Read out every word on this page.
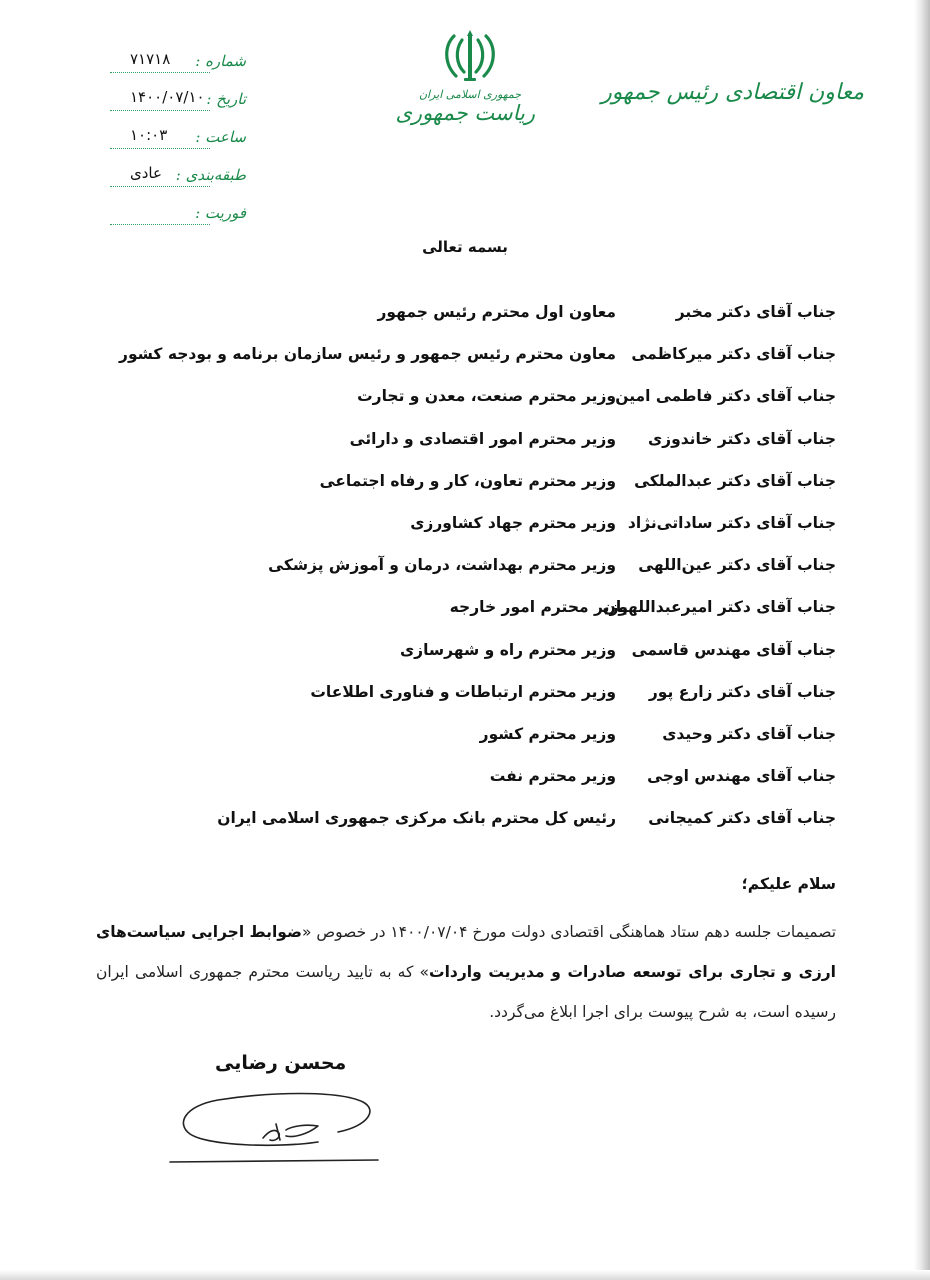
۷۱۷۱۸ شماره :
۱۴۰۰/۰۷/۱۰ تاریخ :
۱۰:۰۳ ساعت :
عادی طبقه‌بندی :
فوریت :
جمهوری اسلامی ایران
ریاست جمهوری
معاون اقتصادی رئیس جمهور
بسمه تعالی
جناب آقای دکتر مخبر
معاون اول محترم رئیس جمهور
جناب آقای دکتر میرکاظمی
معاون محترم رئیس جمهور و رئیس سازمان برنامه و بودجه کشور
جناب آقای دکتر فاطمی امین
وزیر محترم صنعت، معدن و تجارت
جناب آقای دکتر خاندوزی
وزیر محترم امور اقتصادی و دارائی
جناب آقای دکتر عبدالملکی
وزیر محترم تعاون، کار و رفاه اجتماعی
جناب آقای دکتر ساداتی‌نژاد
وزیر محترم جهاد کشاورزی
جناب آقای دکتر عین‌اللهی
وزیر محترم بهداشت، درمان و آموزش پزشکی
جناب آقای دکتر امیرعبداللهیان
وزیر محترم امور خارجه
جناب آقای مهندس قاسمی
وزیر محترم راه و شهرسازی
جناب آقای دکتر زارع پور
وزیر محترم ارتباطات و فناوری اطلاعات
جناب آقای دکتر وحیدی
وزیر محترم کشور
جناب آقای مهندس اوجی
وزیر محترم نفت
جناب آقای دکتر کمیجانی
رئیس کل محترم بانک مرکزی جمهوری اسلامی ایران
سلام علیکم؛
تصمیمات جلسه دهم ستاد هماهنگی اقتصادی دولت مورخ ۱۴۰۰/۰۷/۰۴ در خصوص «ضوابط اجرایی سیاست‌های ارزی و تجاری برای توسعه صادرات و مدیریت واردات» که به تایید ریاست محترم جمهوری اسلامی ایران رسیده است، به شرح پیوست برای اجرا ابلاغ می‌گردد.
محسن رضایی
